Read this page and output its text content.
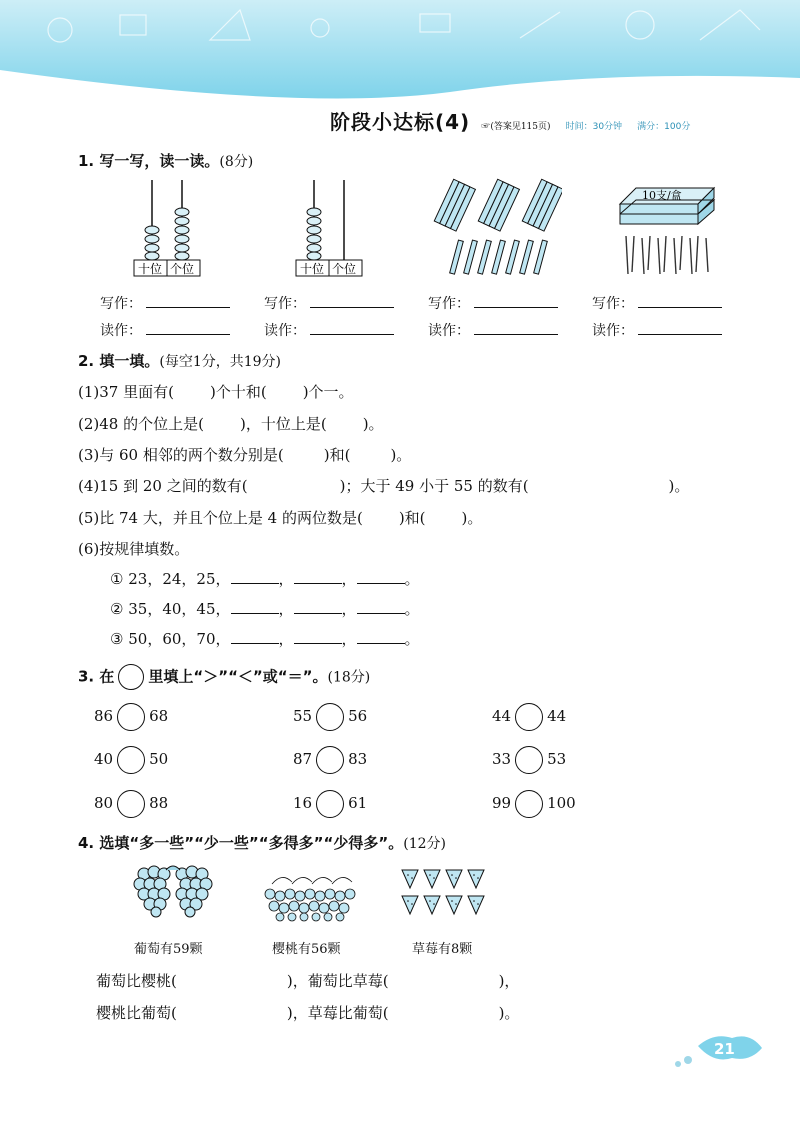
第三单元 100以内数的认识
阶段小达标(4) ☞(答案见115页) 时间：30分钟 满分：100分
1. 写一写，读一读。(8分)
十位 个位	十位 个位
10支/盒
写作：
读作：
写作：
读作：
写作：
读作：
写作：
读作：
2. 填一填。(每空1分，共19分)
(1)37 里面有( )个十和( )个一。
(2)48 的个位上是( )，十位上是( )。
(3)与 60 相邻的两个数分别是(	)和(	)。
(4)15 到 20 之间的数有(	)；大于 49 小于 55 的数有(	)。
(5)比 74 大，并且个位上是 4 的两位数是( )和( )。
(6)按规律填数。
① 23，24，25，	，	，	。
② 35，40，45，	，	，	。
③ 50，60，70，	，	，	。
3. 在 里填上“＞”“＜”或“＝”。(18分)
86 68	55 56	44 44
40 50	87 83	33 53
80 88	16 61	99 100
4. 选填“多一些”“少一些”“多得多”“少得多”。(12分)
葡萄有59颗	樱桃有56颗	草莓有8颗
葡萄比樱桃(	)，葡萄比草莓(	)，
樱桃比葡萄(	)，草莓比葡萄(	)。
21
